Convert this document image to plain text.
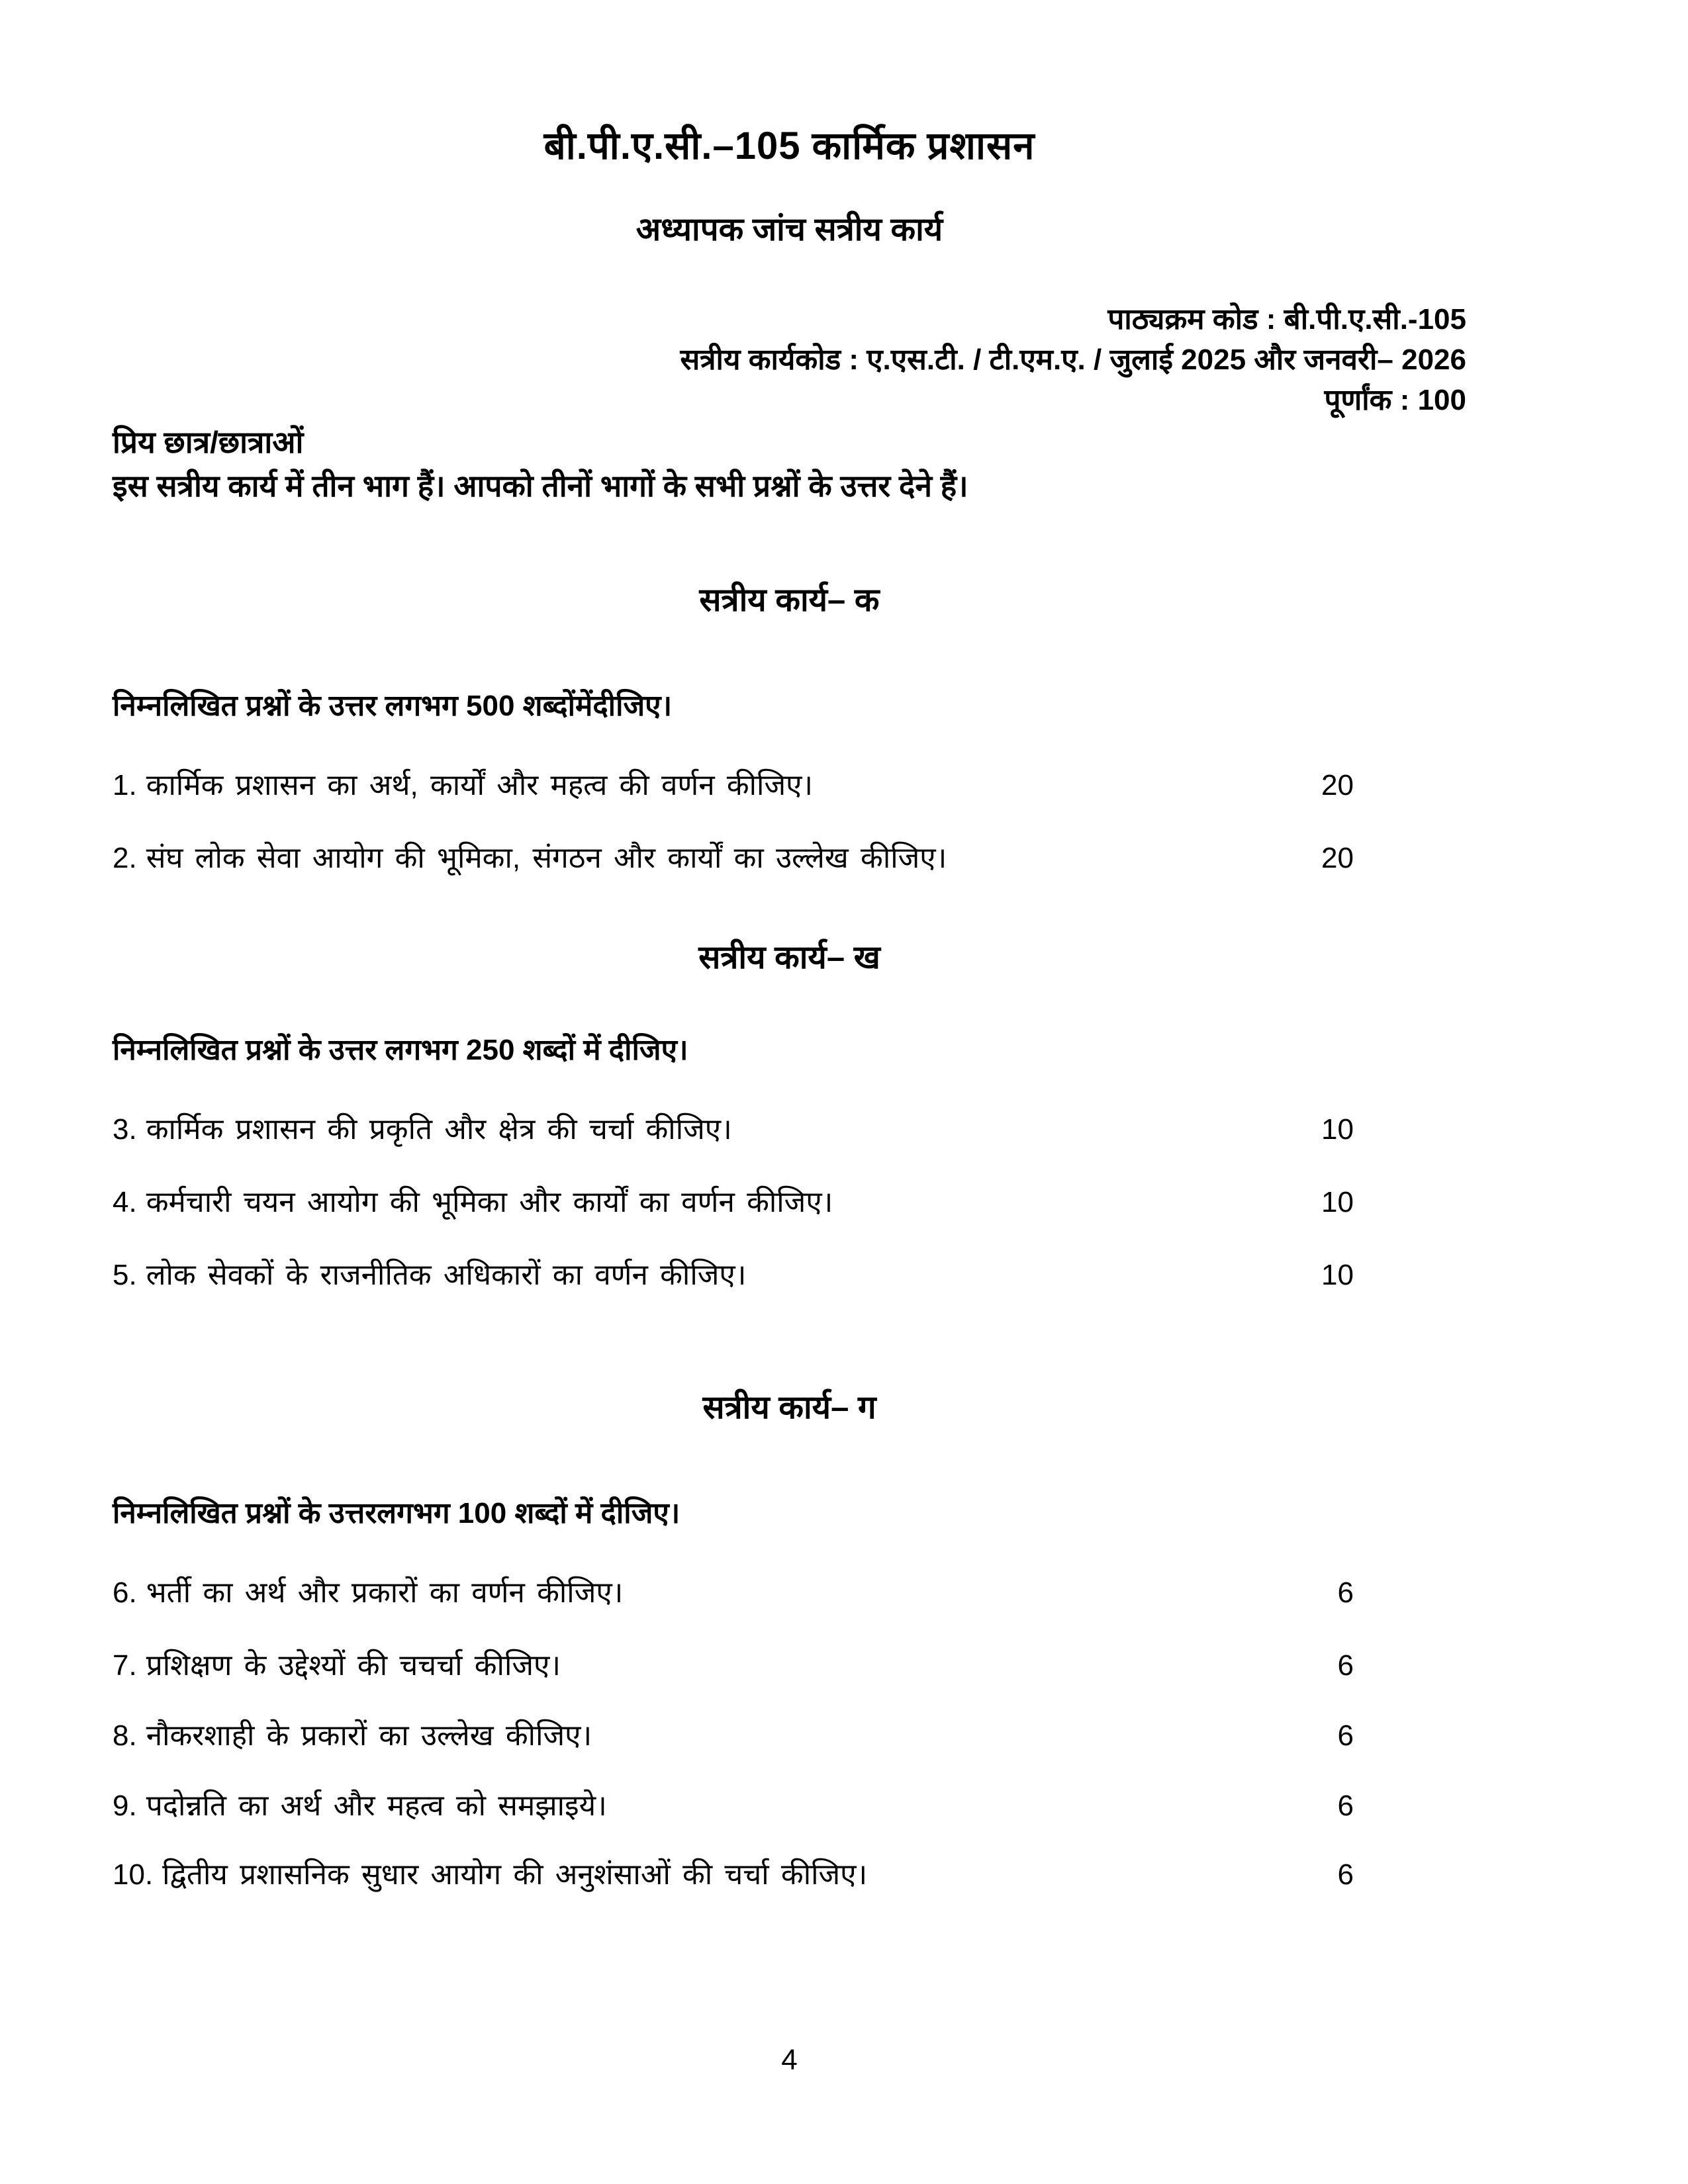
बी.पी.ए.सी.–105 कार्मिक प्रशासन
अध्यापक जांच सत्रीय कार्य
पाठ्यक्रम कोड : बी.पी.ए.सी.-105
सत्रीय कार्यकोड : ए.एस.टी. / टी.एम.ए. / जुलाई 2025 और जनवरी– 2026
पूर्णांक : 100
प्रिय छात्र/छात्राओं
इस सत्रीय कार्य में तीन भाग हैं। आपको तीनों भागों के सभी प्रश्नों के उत्तर देने हैं।
सत्रीय कार्य– क
निम्नलिखित प्रश्नों के उत्तर लगभग 500 शब्दोंमेंदीजिए।
1. कार्मिक प्रशासन का अर्थ, कार्यों और महत्व की वर्णन कीजिए।	20
2. संघ लोक सेवा आयोग की भूमिका, संगठन और कार्यों का उल्लेख कीजिए।	20
सत्रीय कार्य– ख
निम्नलिखित प्रश्नों के उत्तर लगभग 250 शब्दों में दीजिए।
3. कार्मिक प्रशासन की प्रकृति और क्षेत्र की चर्चा कीजिए।	10
4. कर्मचारी चयन आयोग की भूमिका और कार्यों का वर्णन कीजिए।	10
5. लोक सेवकों के राजनीतिक अधिकारों का वर्णन कीजिए।	10
सत्रीय कार्य– ग
निम्नलिखित प्रश्नों के उत्तरलगभग 100 शब्दों में दीजिए।
6. भर्ती का अर्थ और प्रकारों का वर्णन कीजिए।	6
7. प्रशिक्षण के उद्देश्यों की चचर्चा कीजिए।	6
8. नौकरशाही के प्रकारों का उल्लेख कीजिए।	6
9. पदोन्नति का अर्थ और महत्व को समझाइये।	6
10. द्वितीय प्रशासनिक सुधार आयोग की अनुशंसाओं की चर्चा कीजिए।	6
4
